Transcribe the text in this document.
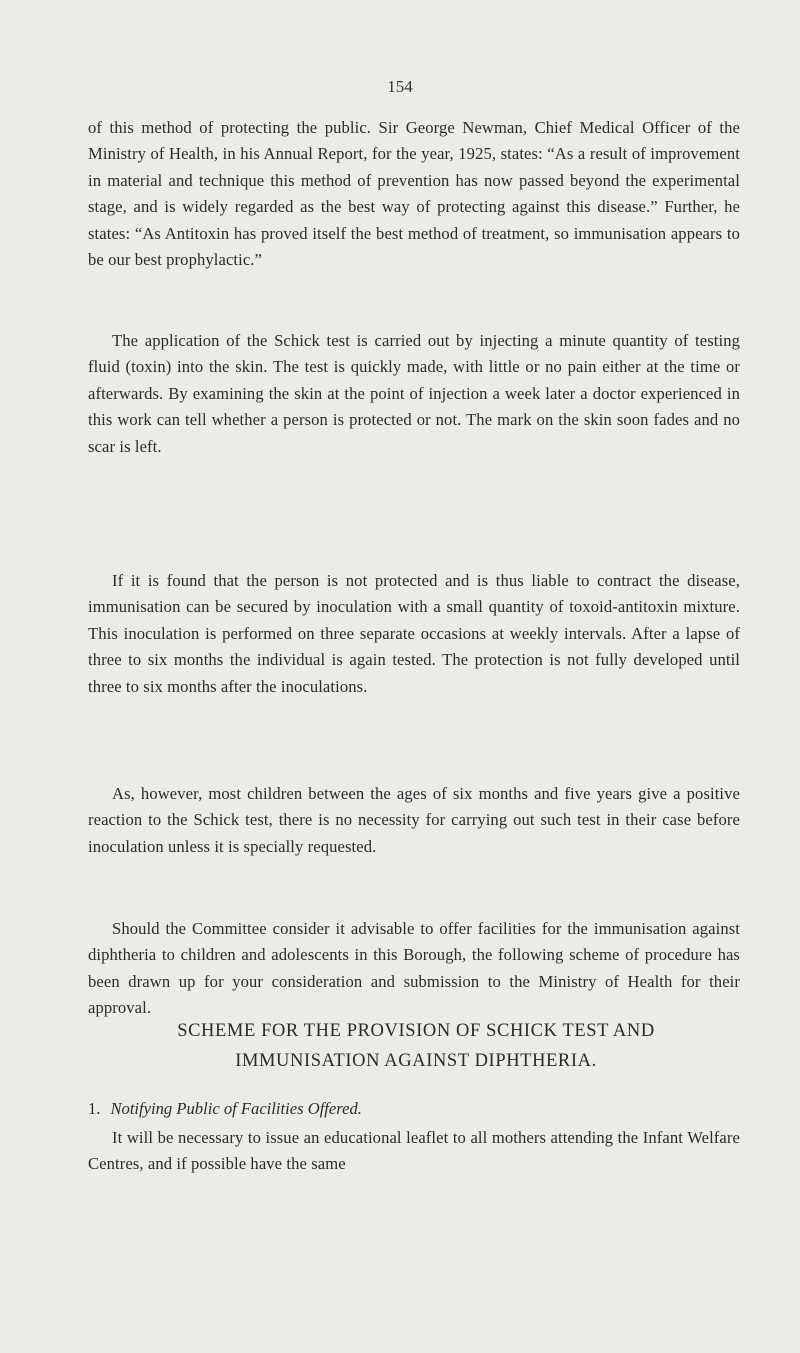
154

of this method of protecting the public. Sir George Newman, Chief Medical Officer of the Ministry of Health, in his Annual Report, for the year, 1925, states: “As a result of improvement in material and technique this method of prevention has now passed beyond the experimental stage, and is widely regarded as the best way of protecting against this disease.” Further, he states: “As Antitoxin has proved itself the best method of treatment, so immunisation appears to be our best prophylactic.”

The application of the Schick test is carried out by injecting a minute quantity of testing fluid (toxin) into the skin. The test is quickly made, with little or no pain either at the time or afterwards. By examining the skin at the point of injection a week later a doctor experienced in this work can tell whether a person is protected or not. The mark on the skin soon fades and no scar is left.

If it is found that the person is not protected and is thus liable to contract the disease, immunisation can be secured by inoculation with a small quantity of toxoid-antitoxin mixture. This inoculation is performed on three separate occasions at weekly intervals. After a lapse of three to six months the individual is again tested. The protection is not fully developed until three to six months after the inoculations.

As, however, most children between the ages of six months and five years give a positive reaction to the Schick test, there is no necessity for carrying out such test in their case before inoculation unless it is specially requested.

Should the Committee consider it advisable to offer facilities for the immunisation against diphtheria to children and adolescents in this Borough, the following scheme of procedure has been drawn up for your consideration and submission to the Ministry of Health for their approval.

SCHEME FOR THE PROVISION OF SCHICK TEST AND
IMMUNISATION AGAINST DIPHTHERIA.
1. Notifying Public of Facilities Offered.

It will be necessary to issue an educational leaflet to all mothers attending the Infant Welfare Centres, and if possible have the same
